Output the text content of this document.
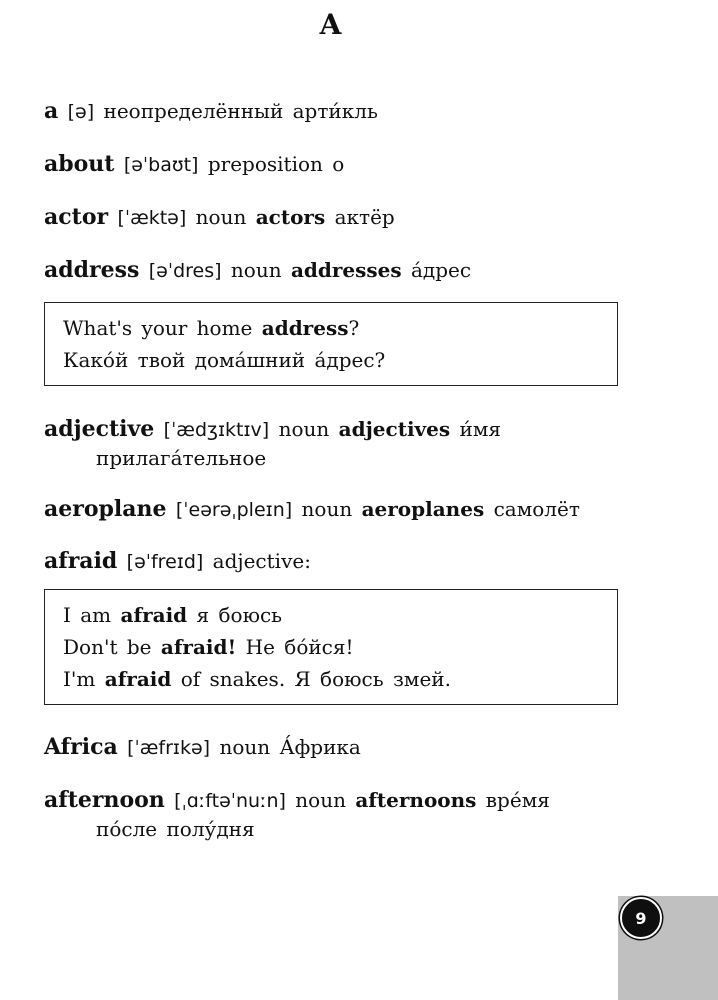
A
a [ə] неопределённый арти́кль
about [əˈbaʊt] preposition о
actor [ˈæktə] noun actors актёр
address [əˈdres] noun addresses а́дрес
What's your home address?
Како́й твой дома́шний а́дрес?
adjective [ˈædʒɪktɪv] noun adjectives и́мя
прилага́тельное
aeroplane [ˈeərəˌpleɪn] noun aeroplanes самолёт
afraid [əˈfreɪd] adjective:
I am afraid я боюсь
Don't be afraid! Не бо́йся!
I'm afraid of snakes. Я боюсь змей.
Africa [ˈæfrɪkə] noun А́фрика
afternoon [ˌɑːftəˈnuːn] noun afternoons вре́мя
по́сле полу́дня
9
